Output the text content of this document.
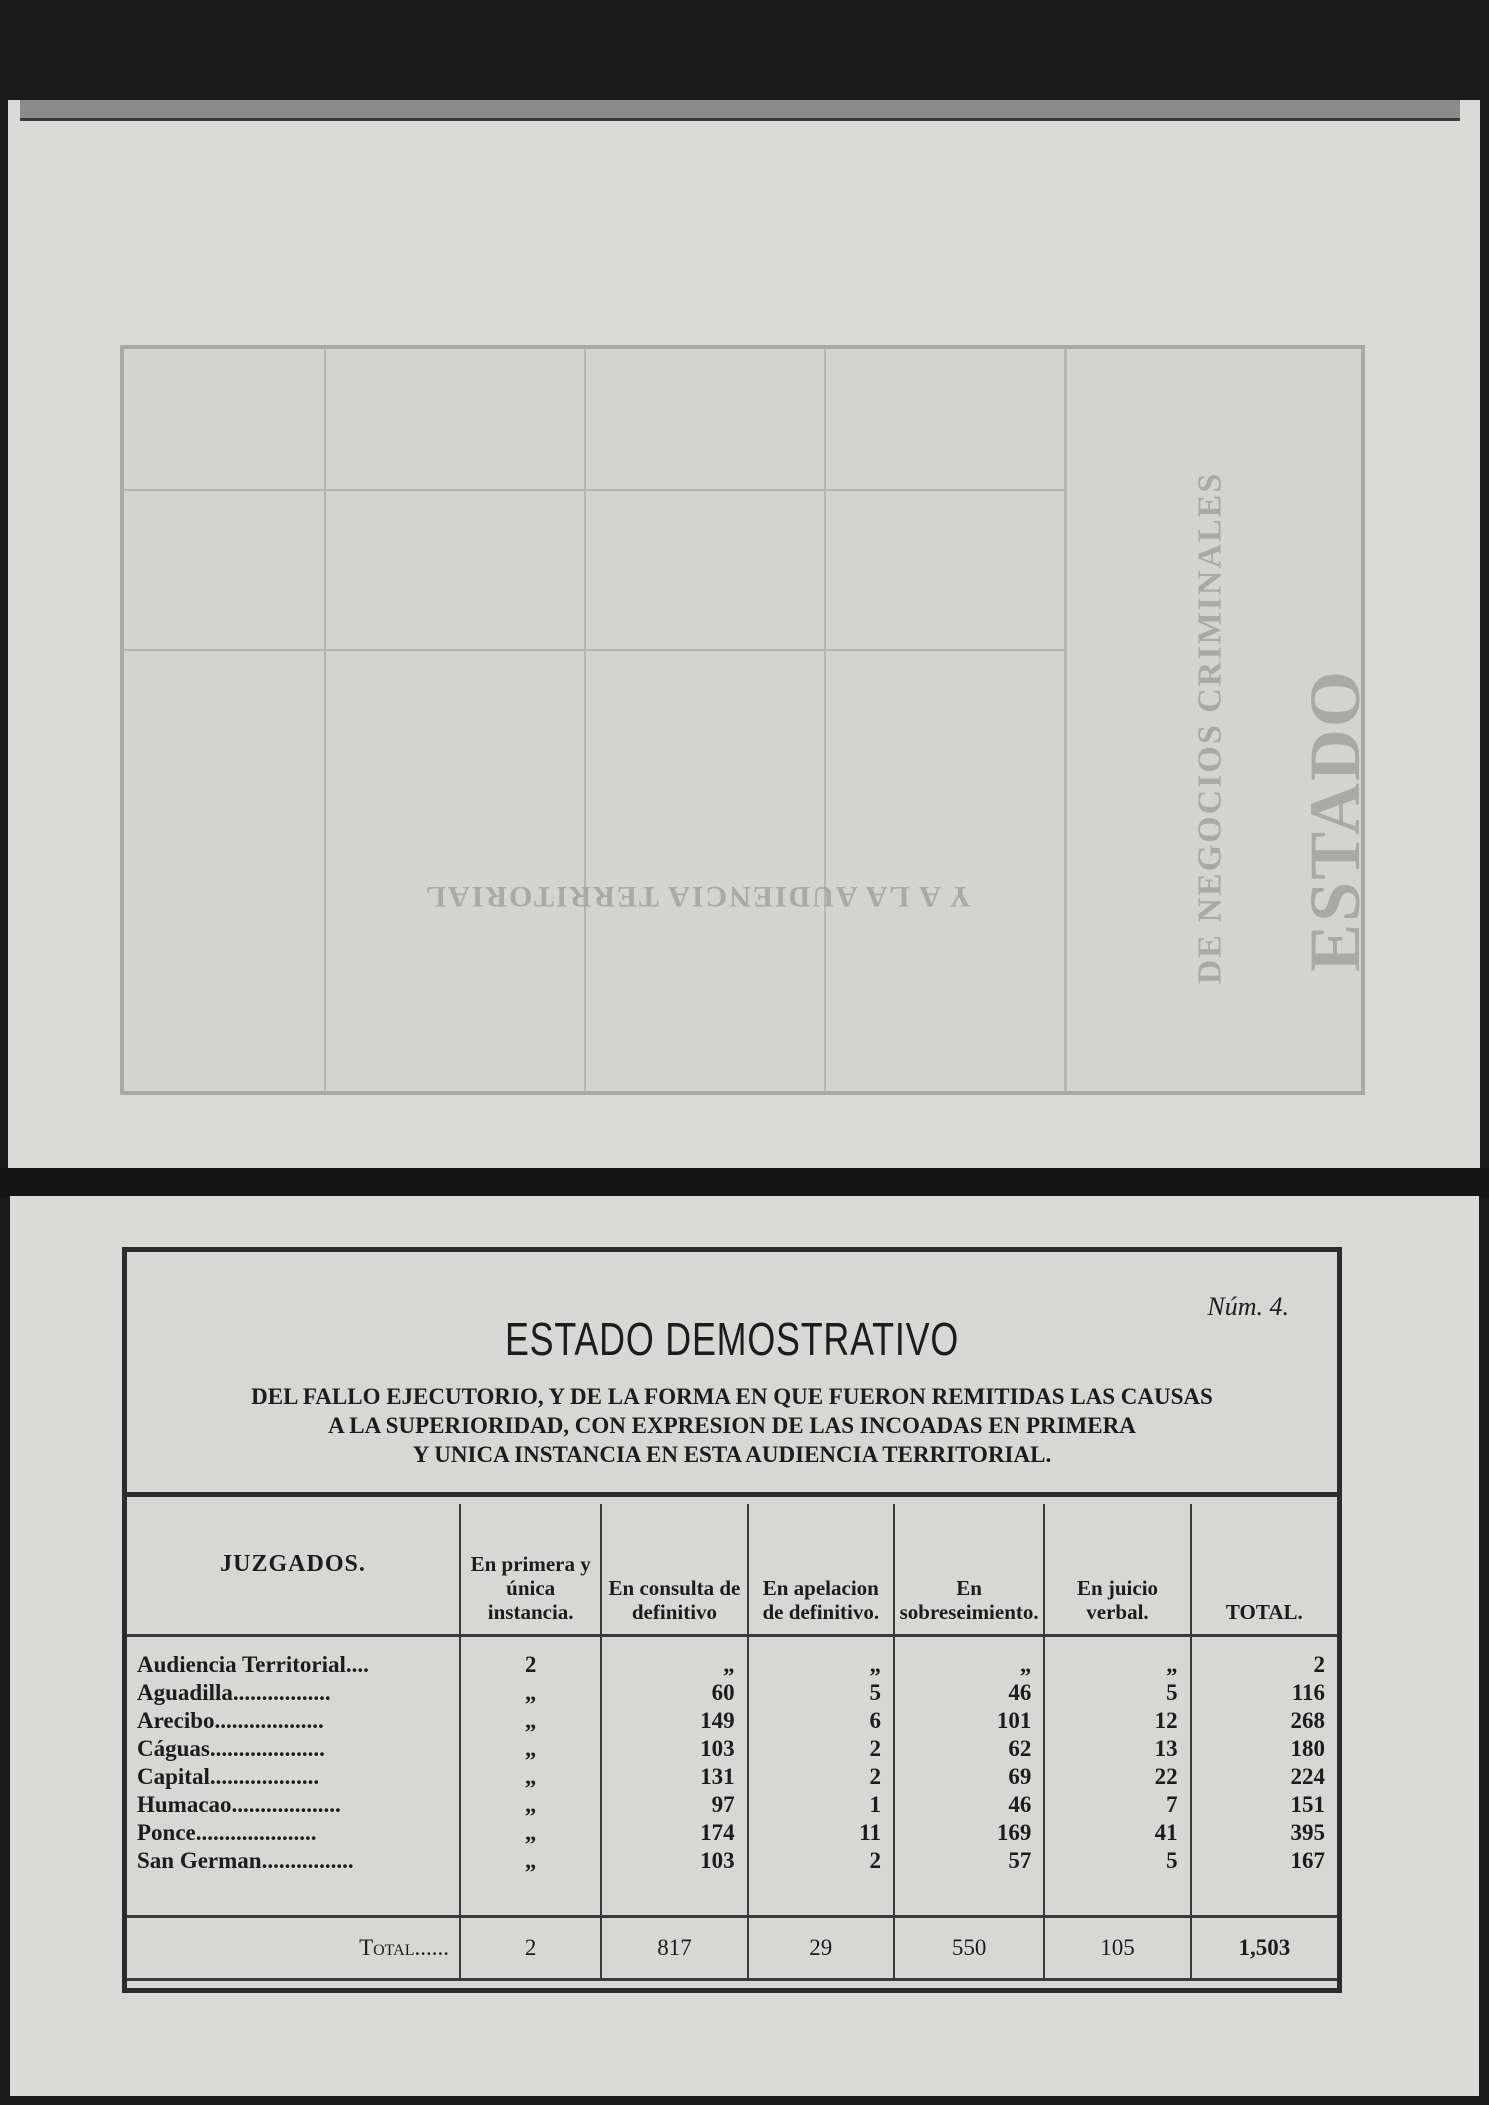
ESTADO
DE NEGOCIOS CRIMINALES
Y A LA AUDIENCIA TERRITORIAL
Núm. 4.
ESTADO DEMOSTRATIVO
DEL FALLO EJECUTORIO, Y DE LA FORMA EN QUE FUERON REMITIDAS LAS CAUSAS
A LA SUPERIORIDAD, CON EXPRESION DE LAS INCOADAS EN PRIMERA
Y UNICA INSTANCIA EN ESTA AUDIENCIA TERRITORIAL.
JUZGADOS.	En primera y única instancia.	En consulta de definitivo	En apelacion de definitivo.	En sobreseimiento.	En juicio verbal.	TOTAL.
Audiencia Territorial....	2	„	„	„	„	2
Aguadilla.................	„	60	5	46	5	116
Arecibo...................	„	149	6	101	12	268
Cáguas....................	„	103	2	62	13	180
Capital...................	„	131	2	69	22	224
Humacao...................	„	97	1	46	7	151
Ponce.....................	„	174	11	169	41	395
San German................	„	103	2	57	5	167

Total......	2	817	29	550	105	1,503
